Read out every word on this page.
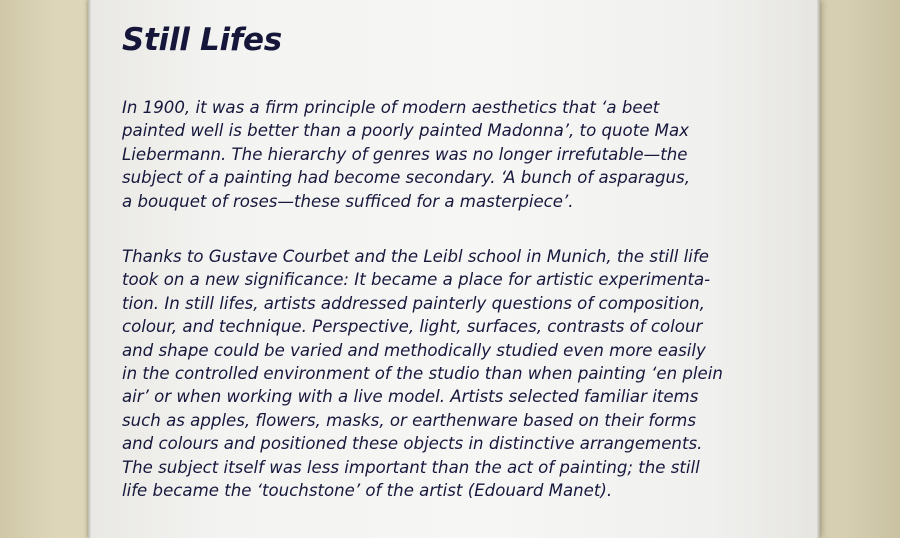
Still Lifes

In 1900, it was a firm principle of modern aesthetics that ‘a beet
painted well is better than a poorly painted Madonna’, to quote Max
Liebermann. The hierarchy of genres was no longer irrefutable—the
subject of a painting had become secondary. ‘A bunch of asparagus,
a bouquet of roses—these sufficed for a masterpiece’.

Thanks to Gustave Courbet and the Leibl school in Munich, the still life
took on a new significance: It became a place for artistic experimenta-
tion. In still lifes, artists addressed painterly questions of composition,
colour, and technique. Perspective, light, surfaces, contrasts of colour
and shape could be varied and methodically studied even more easily
in the controlled environment of the studio than when painting ‘en plein
air’ or when working with a live model. Artists selected familiar items
such as apples, flowers, masks, or earthenware based on their forms
and colours and positioned these objects in distinctive arrangements.
The subject itself was less important than the act of painting; the still
life became the ‘touchstone’ of the artist (Edouard Manet).
